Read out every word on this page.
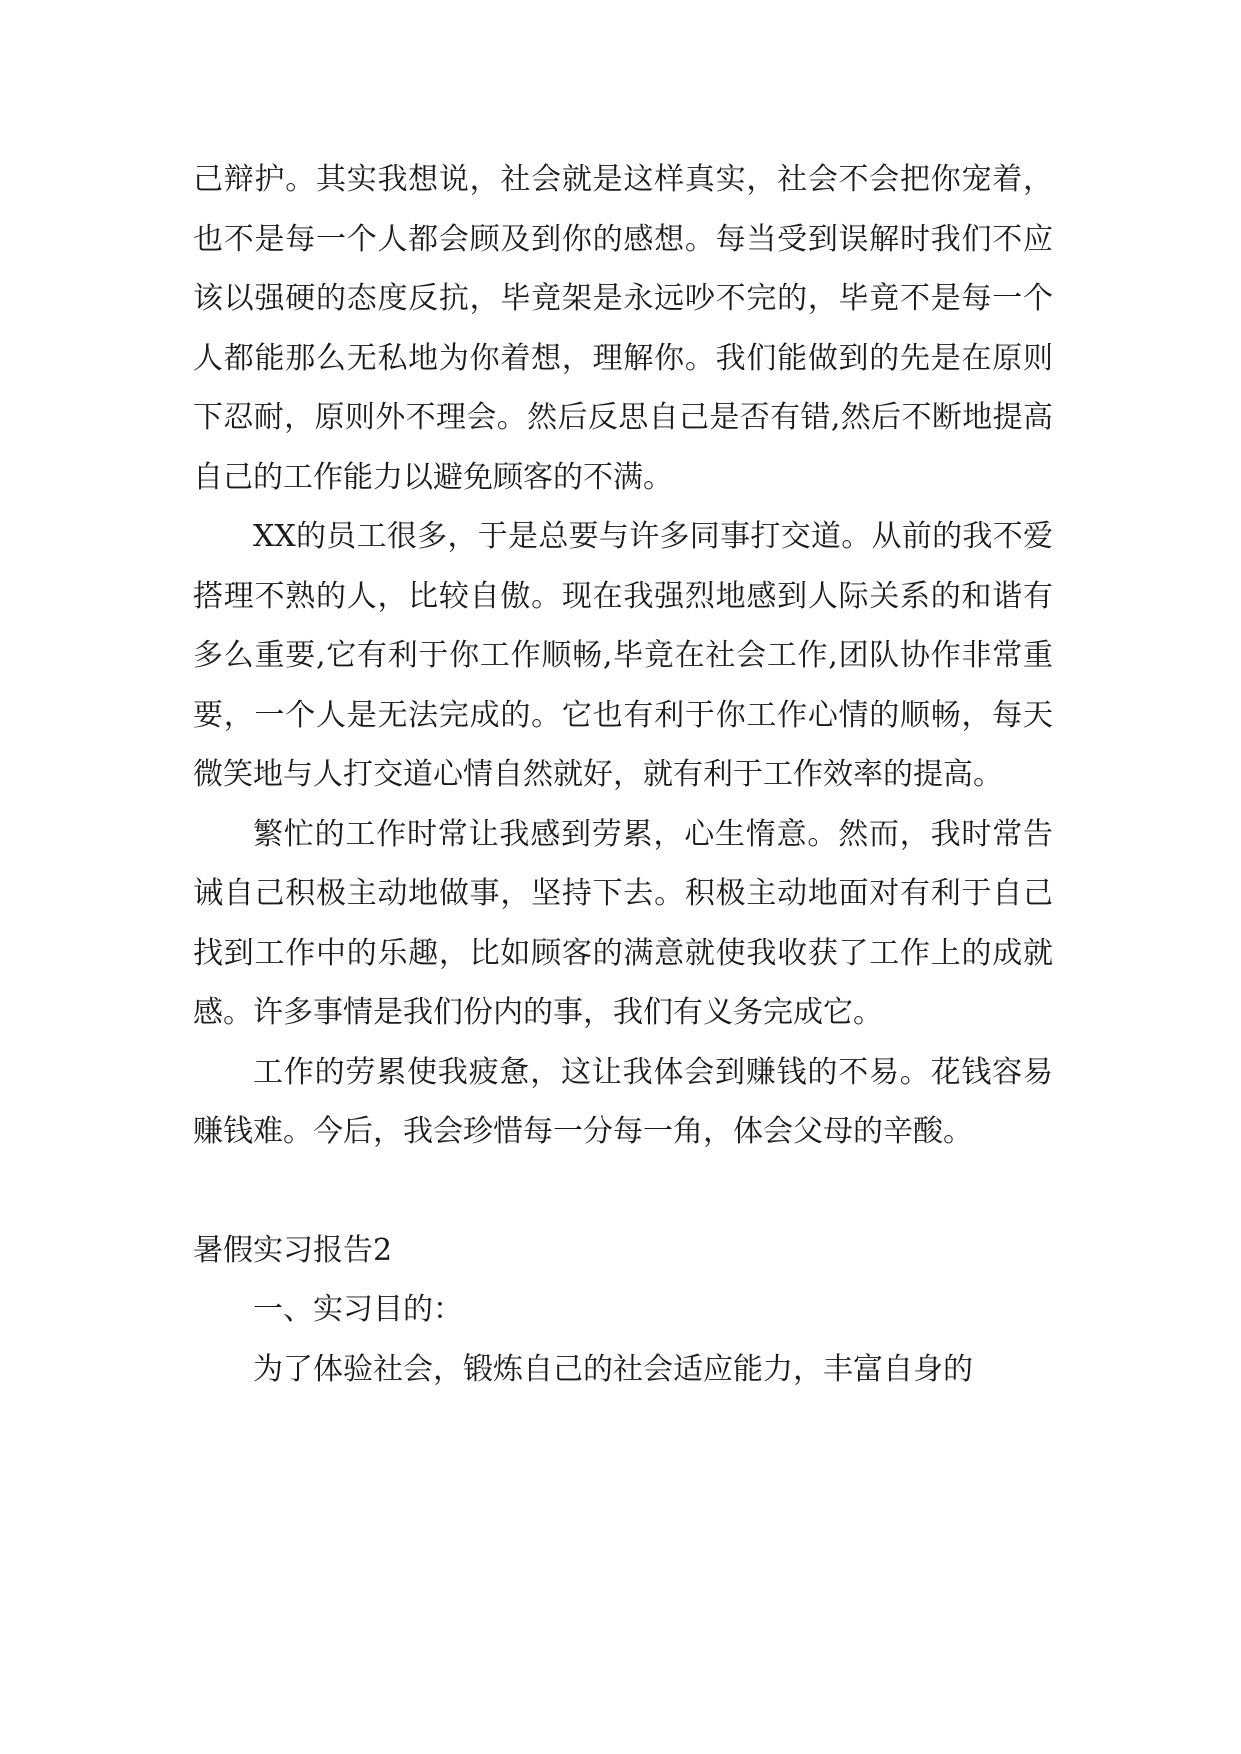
己辩护。其实我想说，社会就是这样真实，社会不会把你宠着，也不是每一个人都会顾及到你的感想。每当受到误解时我们不应该以强硬的态度反抗，毕竟架是永远吵不完的，毕竟不是每一个人都能那么无私地为你着想，理解你。我们能做到的先是在原则下忍耐，原则外不理会。然后反思自己是否有错,然后不断地提高自己的工作能力以避免顾客的不满。

XX的员工很多，于是总要与许多同事打交道。从前的我不爱搭理不熟的人，比较自傲。现在我强烈地感到人际关系的和谐有多么重要,它有利于你工作顺畅,毕竟在社会工作,团队协作非常重要，一个人是无法完成的。它也有利于你工作心情的顺畅，每天微笑地与人打交道心情自然就好，就有利于工作效率的提高。

繁忙的工作时常让我感到劳累，心生惰意。然而，我时常告诫自己积极主动地做事，坚持下去。积极主动地面对有利于自己找到工作中的乐趣，比如顾客的满意就使我收获了工作上的成就感。许多事情是我们份内的事，我们有义务完成它。

工作的劳累使我疲惫，这让我体会到赚钱的不易。花钱容易赚钱难。今后，我会珍惜每一分每一角，体会父母的辛酸。

暑假实习报告2

一、实习目的：

为了体验社会，锻炼自己的社会适应能力，丰富自身的
